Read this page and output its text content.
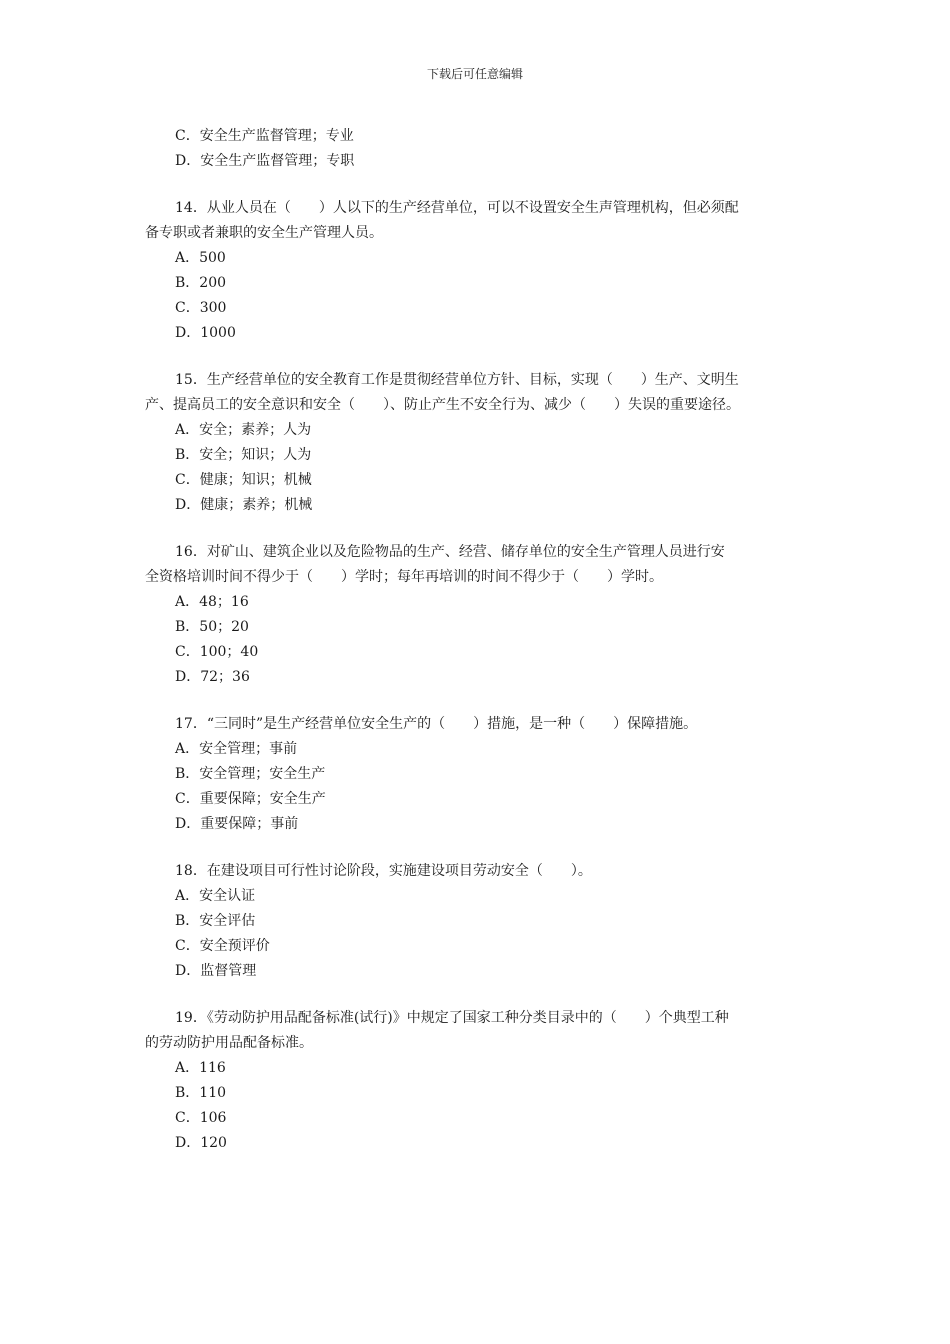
下载后可任意编辑
C．安全生产监督管理；专业
D．安全生产监督管理；专职
14．从业人员在（　　）人以下的生产经营单位，可以不设置安全生声管理机构，但必须配
备专职或者兼职的安全生产管理人员。
A．500
B．200
C．300
D．1000
15．生产经营单位的安全教育工作是贯彻经营单位方针、目标，实现（　　）生产、文明生
产、提高员工的安全意识和安全（　　）、防止产生不安全行为、减少（　　）失误的重要途径。
A．安全；素养；人为
B．安全；知识；人为
C．健康；知识；机械
D．健康；素养；机械
16．对矿山、建筑企业以及危险物品的生产、经营、储存单位的安全生产管理人员进行安
全资格培训时间不得少于（　　）学时；每年再培训的时间不得少于（　　）学时。
A．48；16
B．50；20
C．100；40
D．72；36
17．“三同时”是生产经营单位安全生产的（　　）措施，是一种（　　）保障措施。
A．安全管理；事前
B．安全管理；安全生产
C．重要保障；安全生产
D．重要保障；事前
18．在建设项目可行性讨论阶段，实施建设项目劳动安全（　　）。
A．安全认证
B．安全评估
C．安全预评价
D．监督管理
19．《劳动防护用品配备标准(试行)》中规定了国家工种分类目录中的（　　）个典型工种
的劳动防护用品配备标准。
A．116
B．110
C．106
D．120
